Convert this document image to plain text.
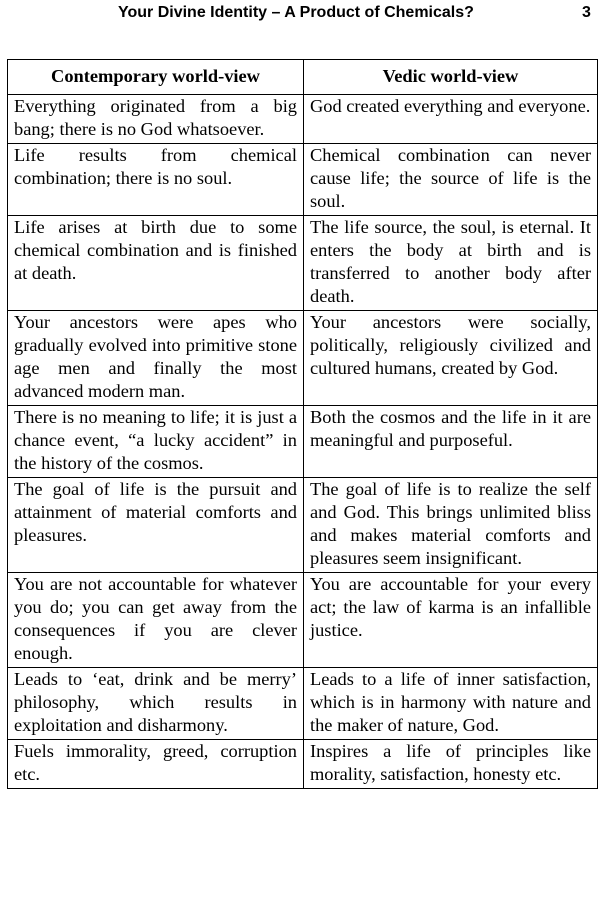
Your Divine Identity – A Product of Chemicals?	3
Contemporary world-view	Vedic world-view
Everything originated from a big bang; there is no God whatsoever.	God created everything and everyone.
Life results from chemical combination; there is no soul.	Chemical combination can never cause life; the source of life is the soul.
Life arises at birth due to some chemical combination and is finished at death.	The life source, the soul, is eternal. It enters the body at birth and is transferred to another body after death.
Your ancestors were apes who gradually evolved into primitive stone age men and finally the most advanced modern man.	Your ancestors were socially, politically, religiously civilized and cultured humans, created by God.
There is no meaning to life; it is just a chance event, “a lucky accident” in the history of the cosmos.	Both the cosmos and the life in it are meaningful and purposeful.
The goal of life is the pursuit and attainment of material comforts and pleasures.	The goal of life is to realize the self and God. This brings unlimited bliss and makes material comforts and pleasures seem insignificant.
You are not accountable for whatever you do; you can get away from the consequences if you are clever enough.	You are accountable for your every act; the law of karma is an infallible justice.
Leads to ‘eat, drink and be merry’ philosophy, which results in exploitation and disharmony.	Leads to a life of inner satisfaction, which is in harmony with nature and the maker of nature, God.
Fuels immorality, greed, corruption etc.	Inspires a life of principles like morality, satisfaction, honesty etc.
